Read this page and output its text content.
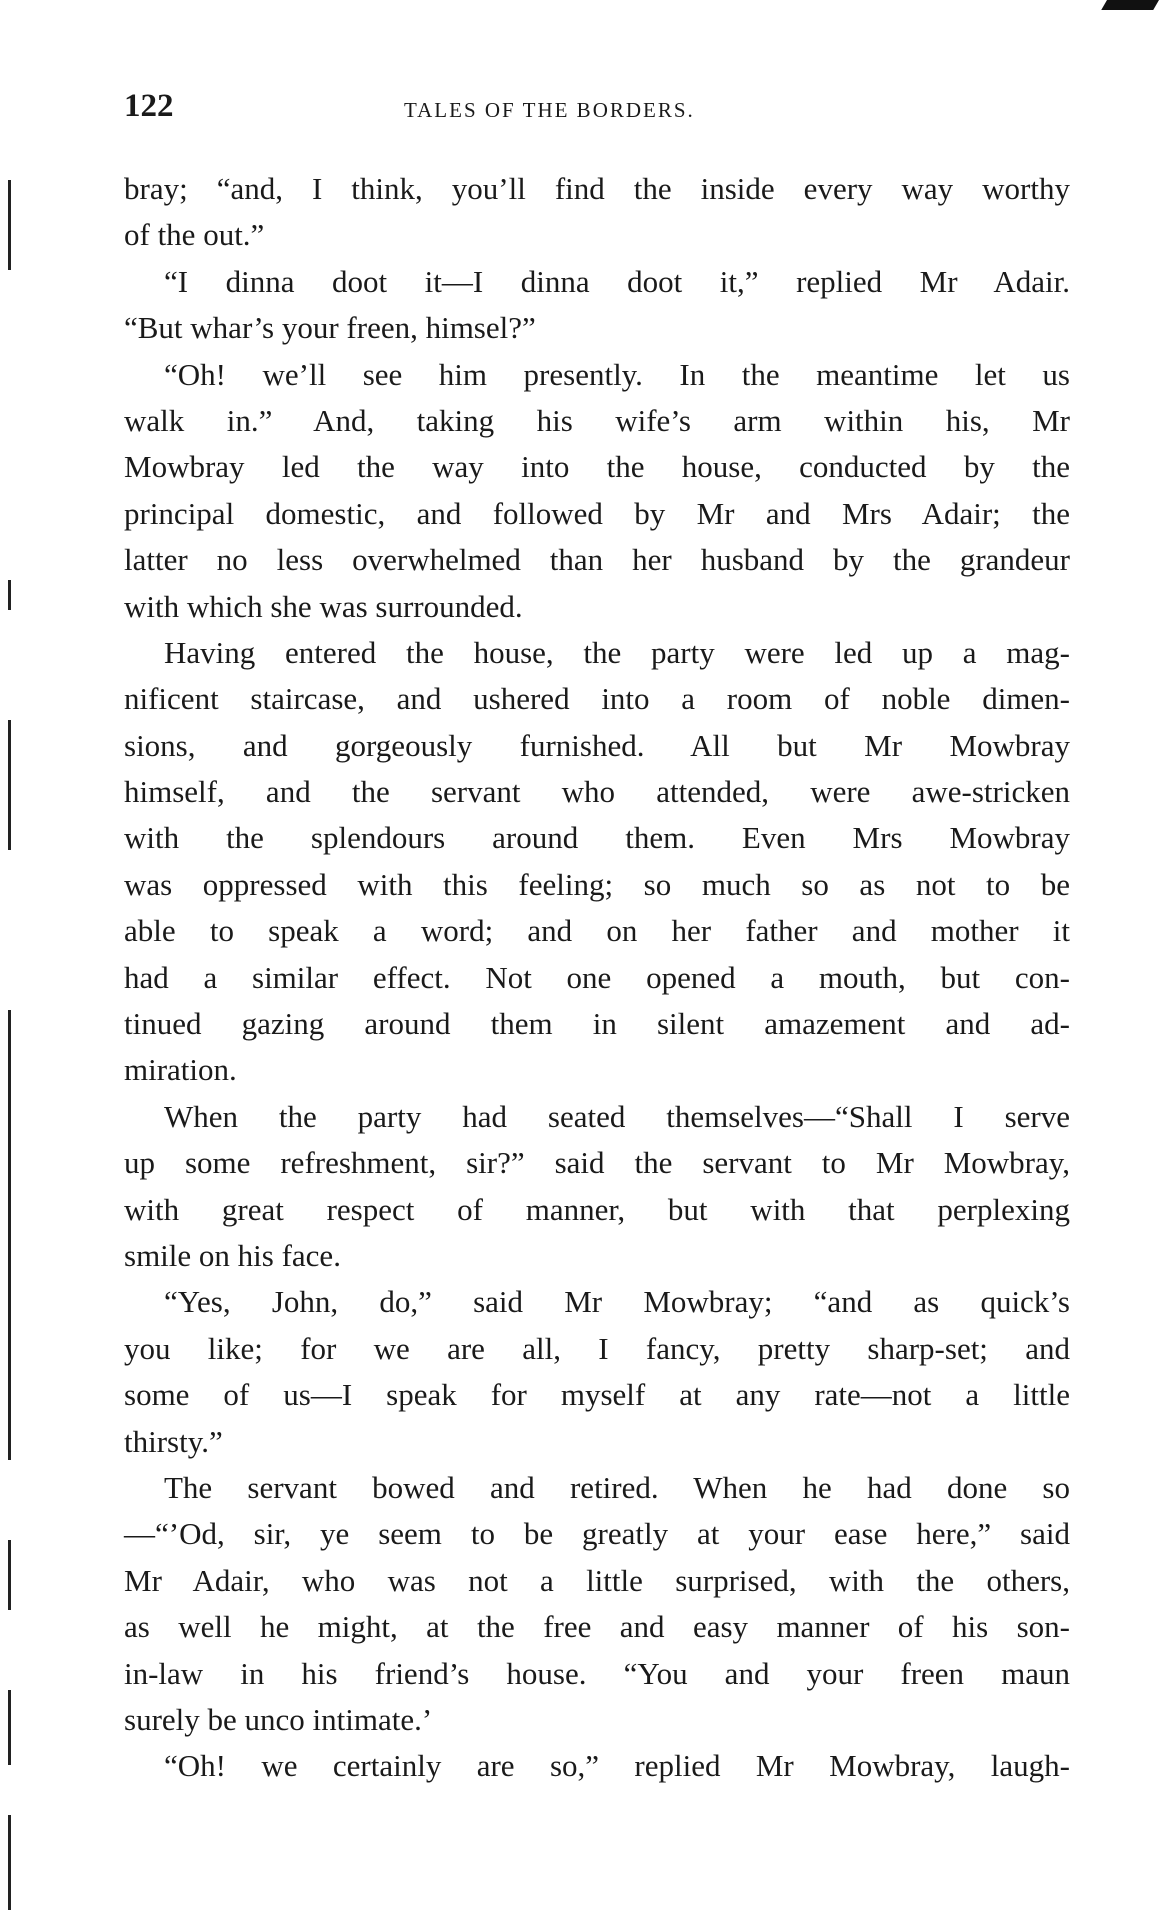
122	TALES OF THE BORDERS.
bray; “and, I think, you’ll find the inside every way worthy
of the out.”
“I dinna doot it—I dinna doot it,” replied Mr Adair.
“But whar’s your freen, himsel?”
“Oh! we’ll see him presently. In the meantime let us
walk in.” And, taking his wife’s arm within his, Mr
Mowbray led the way into the house, conducted by the
principal domestic, and followed by Mr and Mrs Adair; the
latter no less overwhelmed than her husband by the grandeur
with which she was surrounded.
Having entered the house, the party were led up a mag-
nificent staircase, and ushered into a room of noble dimen-
sions, and gorgeously furnished. All but Mr Mowbray
himself, and the servant who attended, were awe-stricken
with the splendours around them. Even Mrs Mowbray
was oppressed with this feeling; so much so as not to be
able to speak a word; and on her father and mother it
had a similar effect. Not one opened a mouth, but con-
tinued gazing around them in silent amazement and ad-
miration.
When the party had seated themselves—“Shall I serve
up some refreshment, sir?” said the servant to Mr Mowbray,
with great respect of manner, but with that perplexing
smile on his face.
“Yes, John, do,” said Mr Mowbray; “and as quick’s
you like; for we are all, I fancy, pretty sharp-set; and
some of us—I speak for myself at any rate—not a little
thirsty.”
The servant bowed and retired. When he had done so
—“’Od, sir, ye seem to be greatly at your ease here,” said
Mr Adair, who was not a little surprised, with the others,
as well he might, at the free and easy manner of his son-
in-law in his friend’s house. “You and your freen maun
surely be unco intimate.’
“Oh! we certainly are so,” replied Mr Mowbray, laugh-
